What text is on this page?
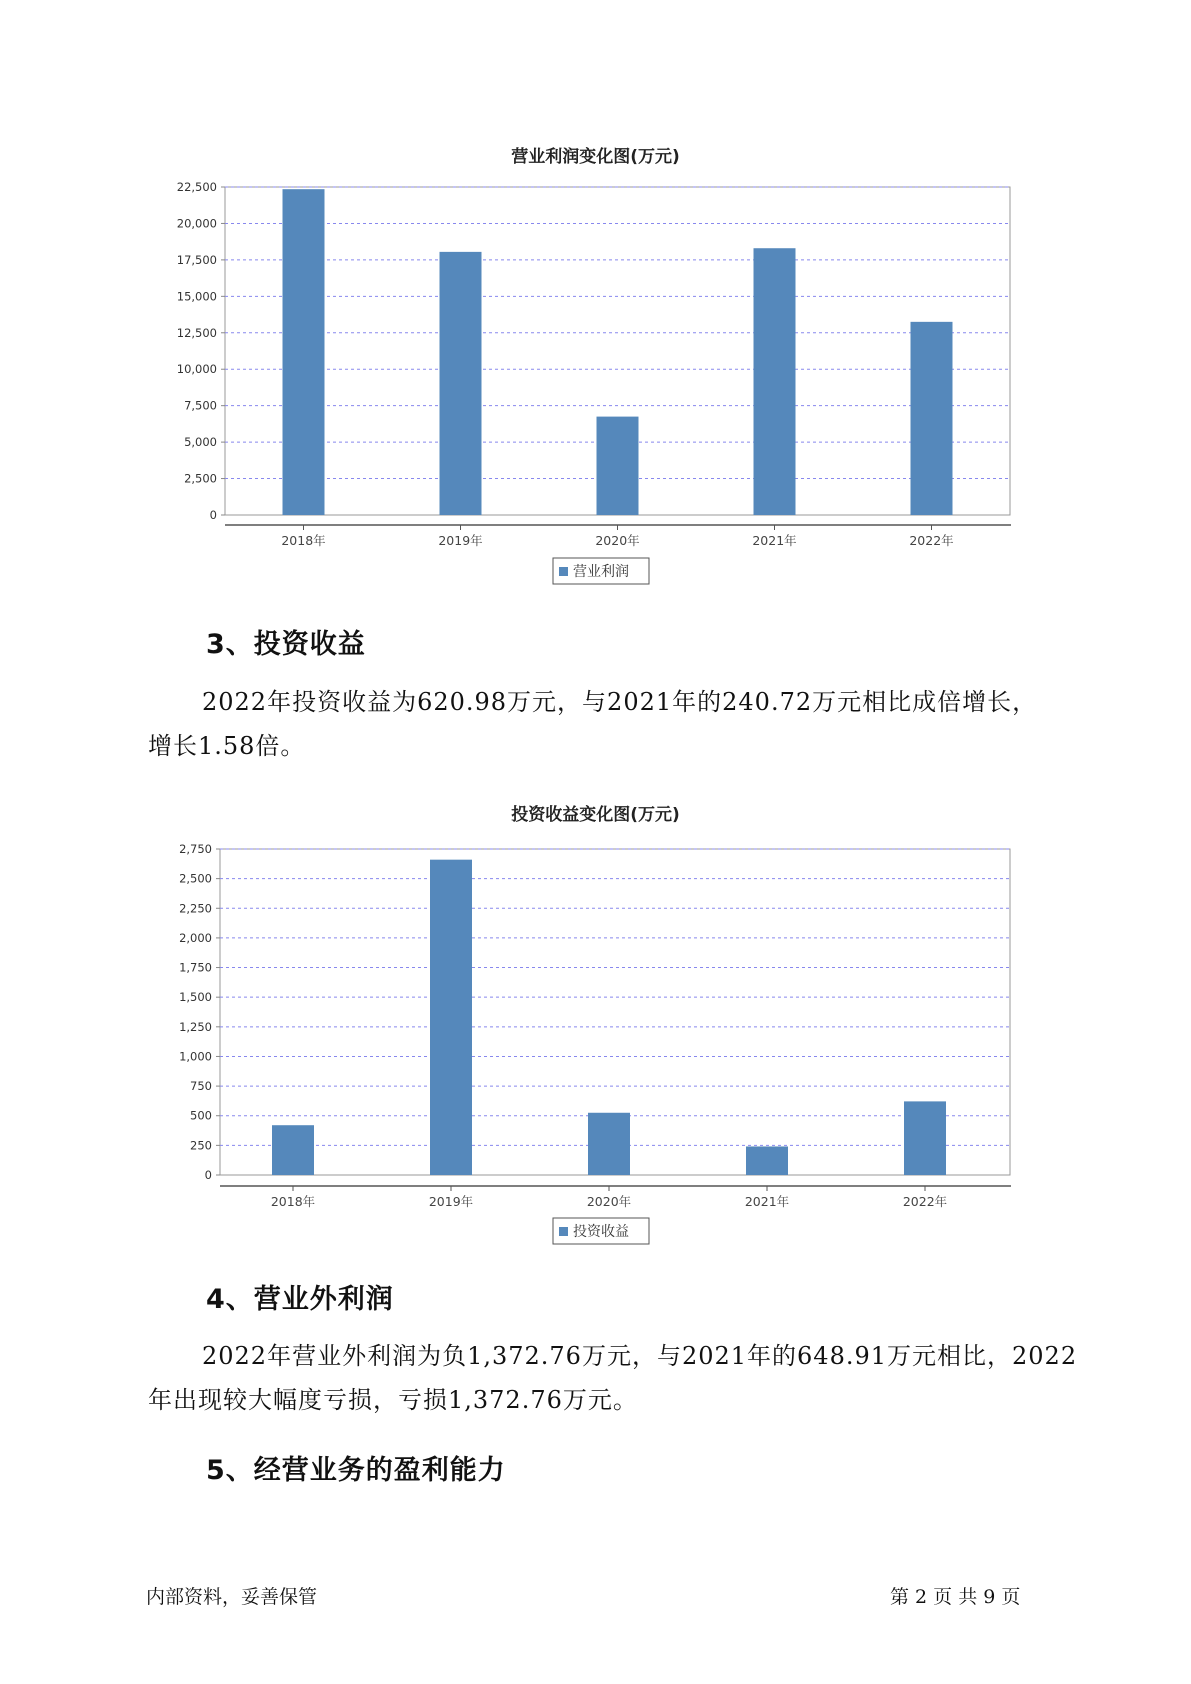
营业利润变化图(万元)
0
2,500
5,000
7,500
10,000
12,500
15,000
17,500
20,000
22,500
2018年	2019年	2020年	2021年	2022年
营业利润
3、投资收益

2022年投资收益为620.98万元，与2021年的240.72万元相比成倍增长，

增长1.58倍。

投资收益变化图(万元)
0
250
500
750
1,000
1,250
1,500
1,750
2,000
2,250
2,500
2,750
2018年	2019年	2020年	2021年	2022年
投资收益
4、营业外利润

2022年营业外利润为负1,372.76万元，与2021年的648.91万元相比，2022

年出现较大幅度亏损，亏损1,372.76万元。

5、经营业务的盈利能力
内部资料，妥善保管	第 2 页 共 9 页
